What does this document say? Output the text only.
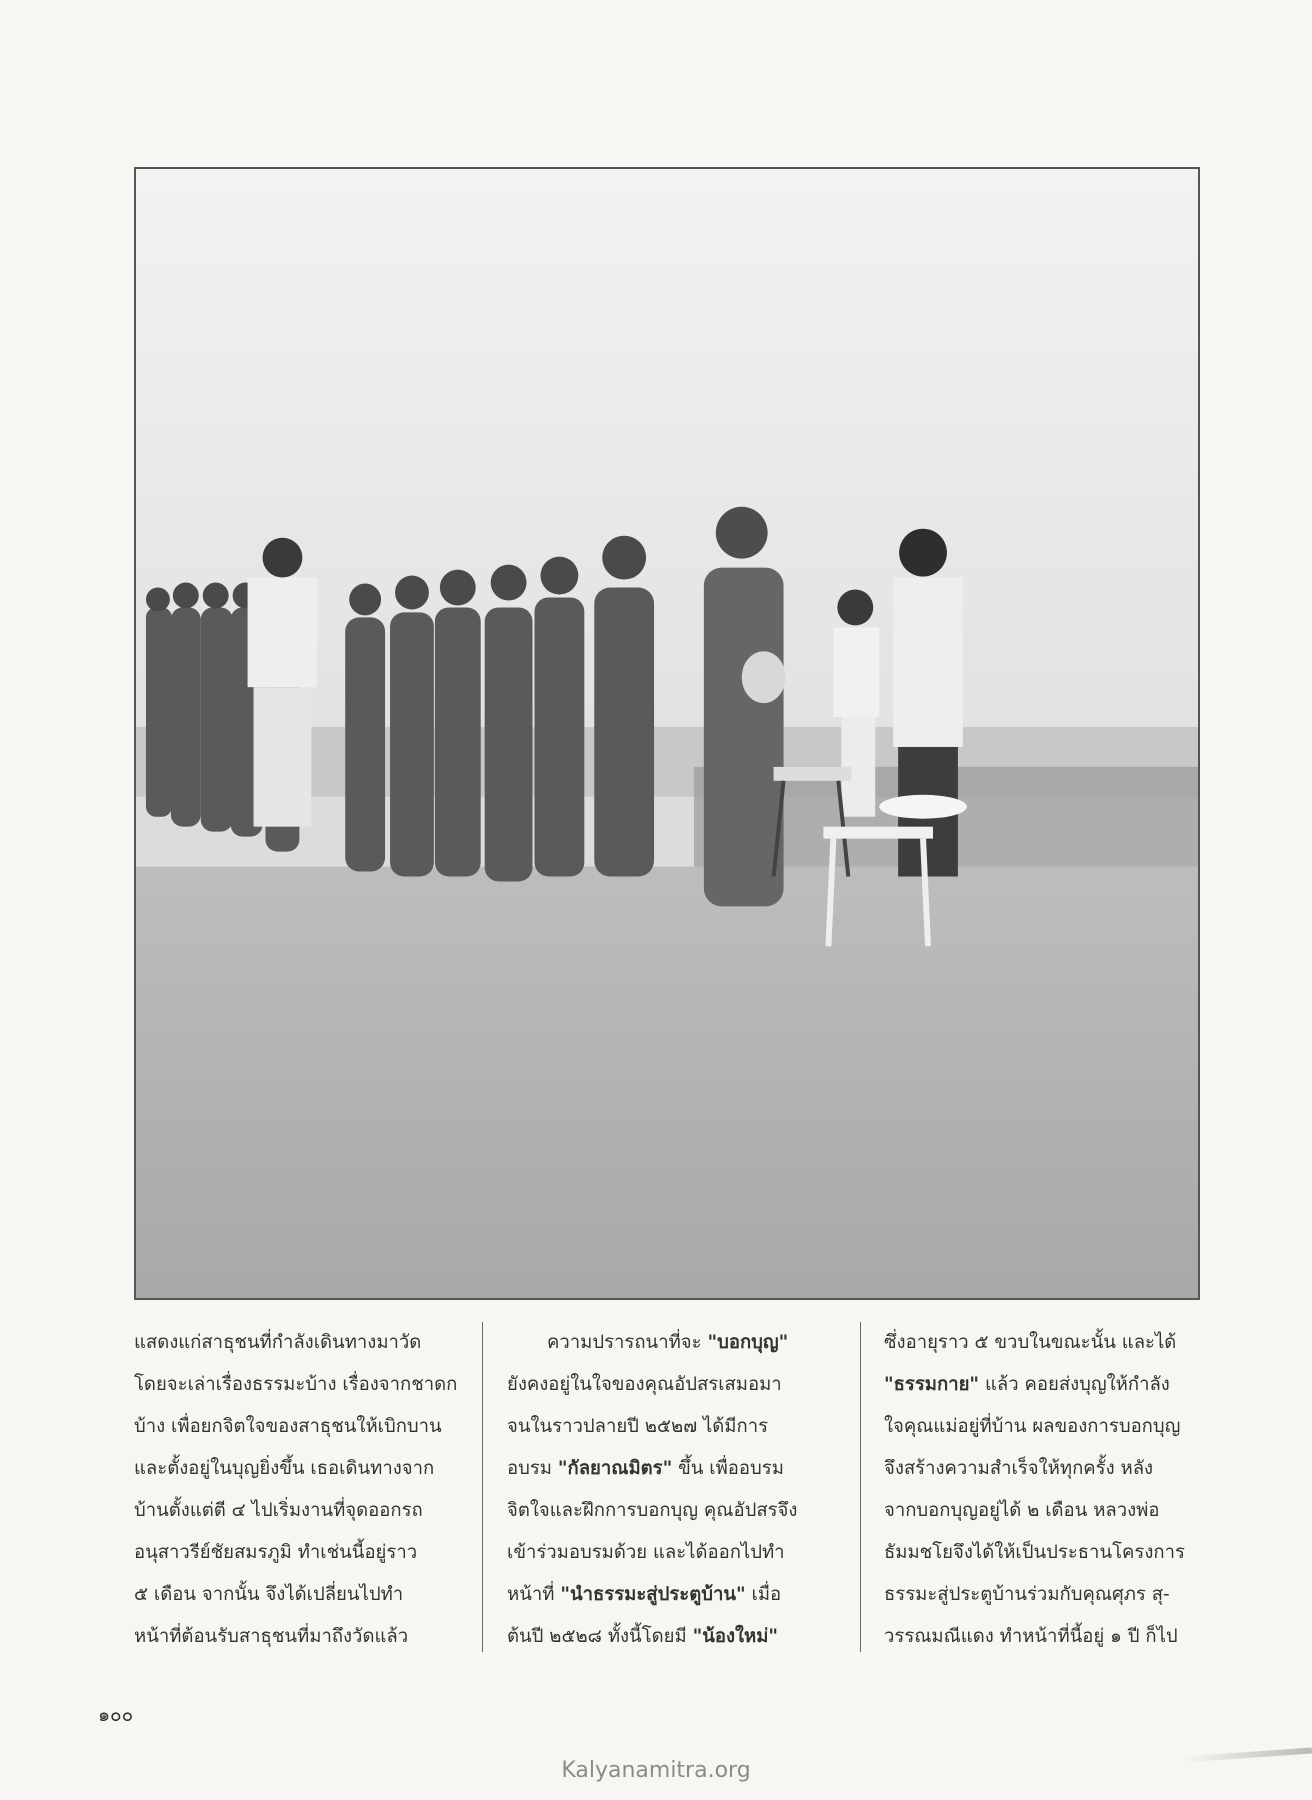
แสดงแก่สาธุชนที่กำลังเดินทางมาวัด

โดยจะเล่าเรื่องธรรมะบ้าง เรื่องจากชาดก

บ้าง เพื่อยกจิตใจของสาธุชนให้เบิกบาน

และตั้งอยู่ในบุญยิ่งขึ้น เธอเดินทางจาก

บ้านตั้งแต่ตี ๔ ไปเริ่มงานที่จุดออกรถ

อนุสาวรีย์ชัยสมรภูมิ ทำเช่นนี้อยู่ราว

๕ เดือน จากนั้น จึงได้เปลี่ยนไปทำ

หน้าที่ต้อนรับสาธุชนที่มาถึงวัดแล้ว

ความปรารถนาที่จะ "บอกบุญ"

ยังคงอยู่ในใจของคุณอัปสรเสมอมา

จนในราวปลายปี ๒๕๒๗ ได้มีการ

อบรม "กัลยาณมิตร" ขึ้น เพื่ออบรม

จิตใจและฝึกการบอกบุญ คุณอัปสรจึง

เข้าร่วมอบรมด้วย และได้ออกไปทำ

หน้าที่ "นำธรรมะสู่ประตูบ้าน" เมื่อ

ต้นปี ๒๕๒๘ ทั้งนี้โดยมี "น้องใหม่"

ซึ่งอายุราว ๕ ขวบในขณะนั้น และได้

"ธรรมกาย" แล้ว คอยส่งบุญให้กำลัง

ใจคุณแม่อยู่ที่บ้าน ผลของการบอกบุญ

จึงสร้างความสำเร็จให้ทุกครั้ง หลัง

จากบอกบุญอยู่ได้ ๒ เดือน หลวงพ่อ

ธัมมชโยจึงได้ให้เป็นประธานโครงการ

ธรรมะสู่ประตูบ้านร่วมกับคุณศุภร สุ-

วรรณมณีแดง ทำหน้าที่นี้อยู่ ๑ ปี ก็ไป

๑๐๐
Kalyanamitra.org
